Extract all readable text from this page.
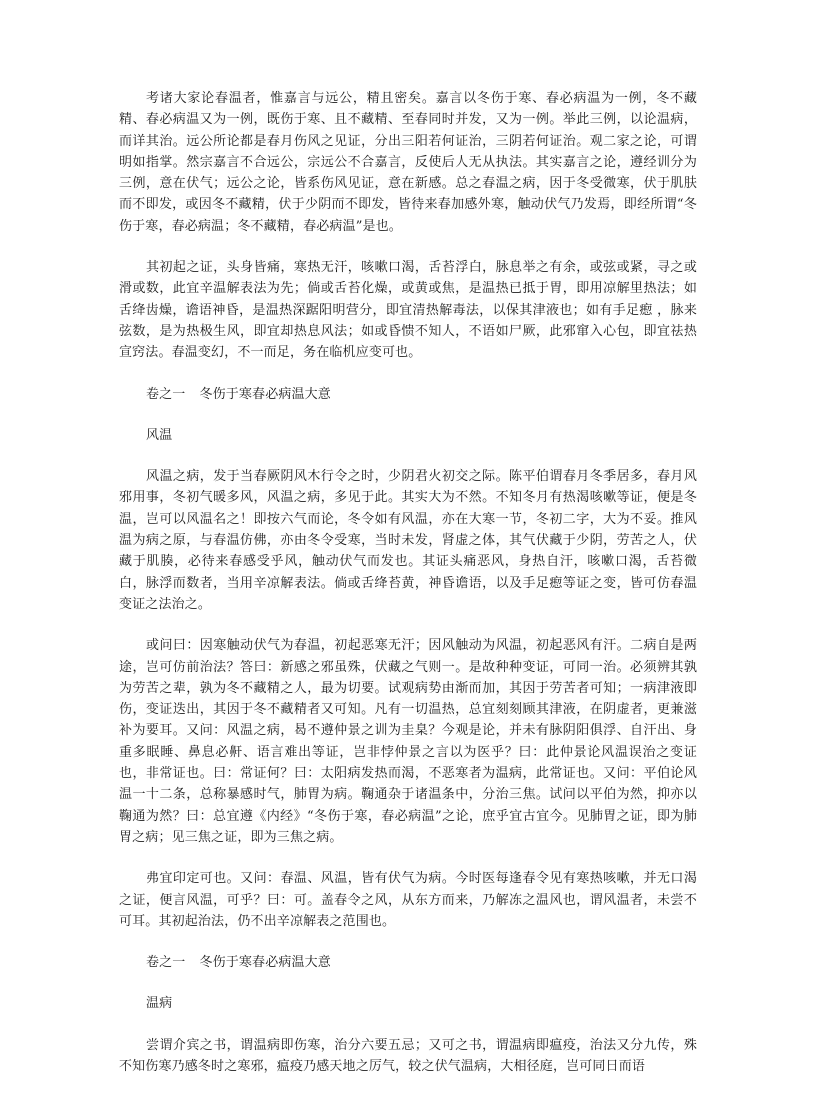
考诸大家论春温者，惟嘉言与远公，精且密矣。嘉言以冬伤于寒、春必病温为一例，冬不藏精、春必病温又为一例，既伤于寒、且不藏精、至春同时并发，又为一例。举此三例，以论温病，而详其治。远公所论都是春月伤风之见证，分出三阳若何证治，三阴若何证治。观二家之论，可谓明如指掌。然宗嘉言不合远公，宗远公不合嘉言，反使后人无从执法。其实嘉言之论，遵经训分为三例，意在伏气；远公之论，皆系伤风见证，意在新感。总之春温之病，因于冬受微寒，伏于肌肤而不即发，或因冬不藏精，伏于少阴而不即发，皆待来春加感外寒，触动伏气乃发焉，即经所谓“冬伤于寒，春必病温；冬不藏精，春必病温”是也。

其初起之证，头身皆痛，寒热无汗，咳嗽口渴，舌苔浮白，脉息举之有余，或弦或紧，寻之或滑或数，此宜辛温解表法为先；倘或舌苔化燥，或黄或焦，是温热已抵于胃，即用凉解里热法；如舌绛齿燥，谵语神昏，是温热深踞阳明营分，即宜清热解毒法，以保其津液也；如有手足瘛 ，脉来弦数，是为热极生风，即宜却热息风法；如或昏愦不知人，不语如尸厥，此邪窜入心包，即宜祛热宣窍法。春温变幻，不一而足，务在临机应变可也。

卷之一 冬伤于寒春必病温大意

风温

风温之病，发于当春厥阴风木行令之时，少阴君火初交之际。陈平伯谓春月冬季居多，春月风邪用事，冬初气暖多风，风温之病，多见于此。其实大为不然。不知冬月有热渴咳嗽等证，便是冬温，岂可以风温名之！即按六气而论，冬令如有风温，亦在大寒一节，冬初二字，大为不妥。推风温为病之原，与春温仿佛，亦由冬令受寒，当时未发，肾虚之体，其气伏藏于少阴，劳苦之人，伏藏于肌腠，必待来春感受乎风，触动伏气而发也。其证头痛恶风，身热自汗，咳嗽口渴，舌苔微白，脉浮而数者，当用辛凉解表法。倘或舌绛苔黄，神昏谵语，以及手足瘛等证之变，皆可仿春温变证之法治之。

或问曰：因寒触动伏气为春温，初起恶寒无汗；因风触动为风温，初起恶风有汗。二病自是两途，岂可仿前治法？答曰：新感之邪虽殊，伏藏之气则一。是故种种变证，可同一治。必须辨其孰为劳苦之辈，孰为冬不藏精之人，最为切要。试观病势由渐而加，其因于劳苦者可知；一病津液即伤，变证迭出，其因于冬不藏精者又可知。凡有一切温热，总宜刻刻顾其津液，在阴虚者，更兼滋补为要耳。又问：风温之病，曷不遵仲景之训为圭臬？今观是论，并未有脉阴阳俱浮、自汗出、身重多眠睡、鼻息必鼾、语言难出等证，岂非悖仲景之言以为医乎？曰：此仲景论风温误治之变证也，非常证也。曰：常证何？曰：太阳病发热而渴，不恶寒者为温病，此常证也。又问：平伯论风温一十二条，总称暴感时气，肺胃为病。鞠通杂于诸温条中，分治三焦。试问以平伯为然，抑亦以鞠通为然？曰：总宜遵《内经》“冬伤于寒，春必病温”之论，庶乎宜古宜今。见肺胃之证，即为肺胃之病；见三焦之证，即为三焦之病。

弗宜印定可也。又问：春温、风温，皆有伏气为病。今时医每逢春令见有寒热咳嗽，并无口渴之证，便言风温，可乎？曰：可。盖春令之风，从东方而来，乃解冻之温风也，谓风温者，未尝不可耳。其初起治法，仍不出辛凉解表之范围也。

卷之一 冬伤于寒春必病温大意

温病

尝谓介宾之书，谓温病即伤寒，治分六要五忌；又可之书，谓温病即瘟疫，治法又分九传，殊不知伤寒乃感冬时之寒邪，瘟疫乃感天地之厉气，较之伏气温病，大相径庭，岂可同日而语
